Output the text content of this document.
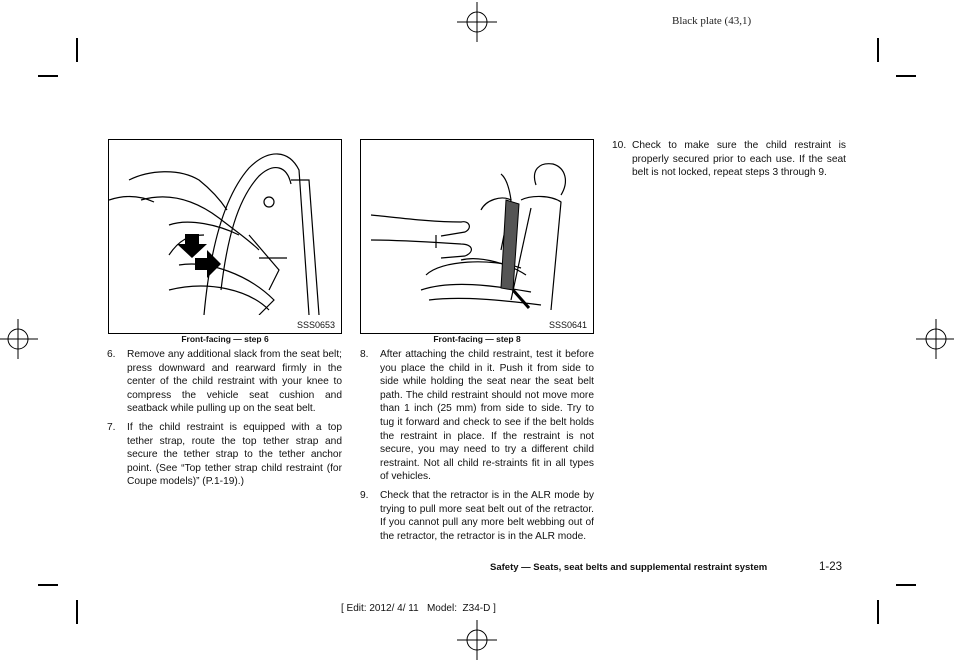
Black plate (43,1)
SSS0653
Front-facing — step 6
SSS0641
Front-facing — step 8
6.	Remove any additional slack from the seat belt; press downward and rearward firmly in the center of the child restraint with your knee to compress the vehicle seat cushion and seatback while pulling up on the seat belt.
7.	If the child restraint is equipped with a top tether strap, route the top tether strap and secure the tether strap to the tether anchor point. (See “Top tether strap child restraint (for Coupe models)” (P.1-19).)
8.	After attaching the child restraint, test it before you place the child in it. Push it from side to side while holding the seat near the seat belt path. The child restraint should not move more than 1 inch (25 mm) from side to side. Try to tug it forward and check to see if the belt holds the restraint in place. If the restraint is not secure, you may need to try a different child restraint. Not all child re-straints fit in all types of vehicles.
9.	Check that the retractor is in the ALR mode by trying to pull more seat belt out of the retractor. If you cannot pull any more belt webbing out of the retractor, the retractor is in the ALR mode.
10. Check to make sure the child restraint is properly secured prior to each use. If the seat belt is not locked, repeat steps 3 through 9.
Safety — Seats, seat belts and supplemental restraint system	1-23
[ Edit: 2012/ 4/ 11   Model:  Z34-D ]
